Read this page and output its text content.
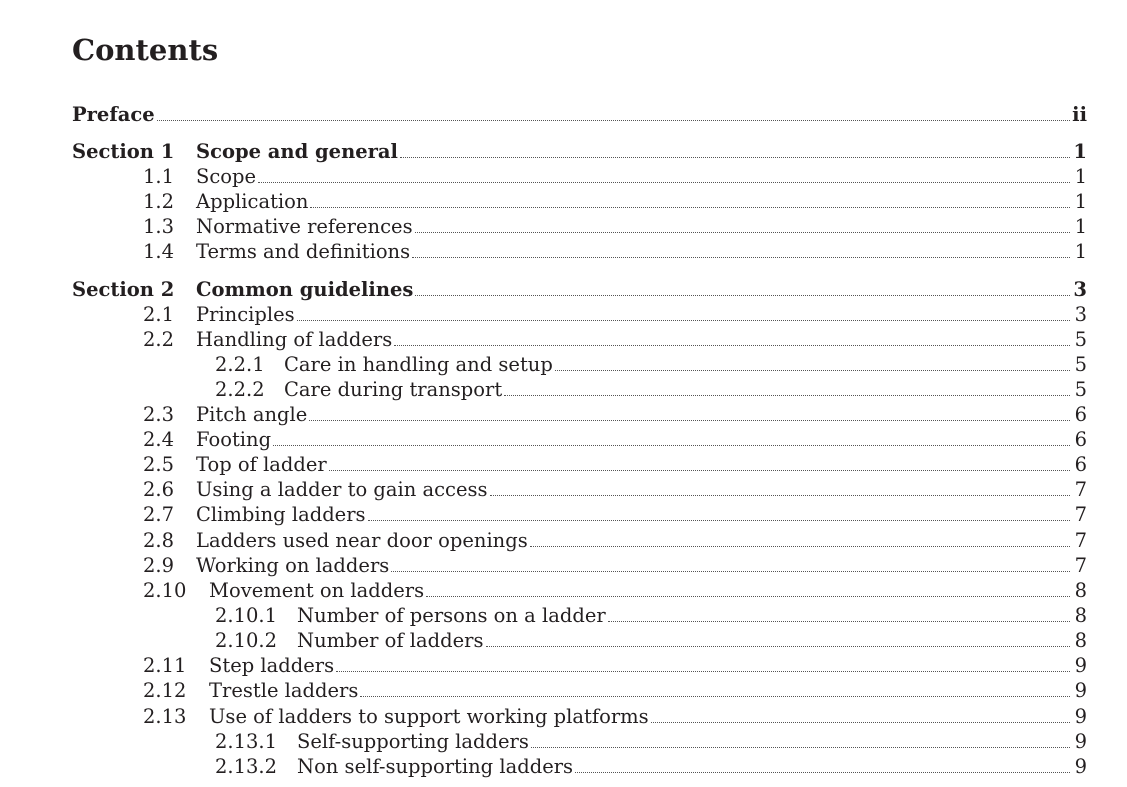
Contents
Preface	ii
Section 1 Scope and general	1
1.1 Scope	1
1.2 Application	1
1.3 Normative references	1
1.4 Terms and definitions	1
Section 2 Common guidelines	3
2.1 Principles	3
2.2 Handling of ladders	5
2.2.1 Care in handling and setup	5
2.2.2 Care during transport	5
2.3 Pitch angle	6
2.4 Footing	6
2.5 Top of ladder	6
2.6 Using a ladder to gain access	7
2.7 Climbing ladders	7
2.8 Ladders used near door openings	7
2.9 Working on ladders	7
2.10 Movement on ladders	8
2.10.1 Number of persons on a ladder	8
2.10.2 Number of ladders	8
2.11 Step ladders	9
2.12 Trestle ladders	9
2.13 Use of ladders to support working platforms	9
2.13.1 Self-supporting ladders	9
2.13.2 Non self-supporting ladders	9
